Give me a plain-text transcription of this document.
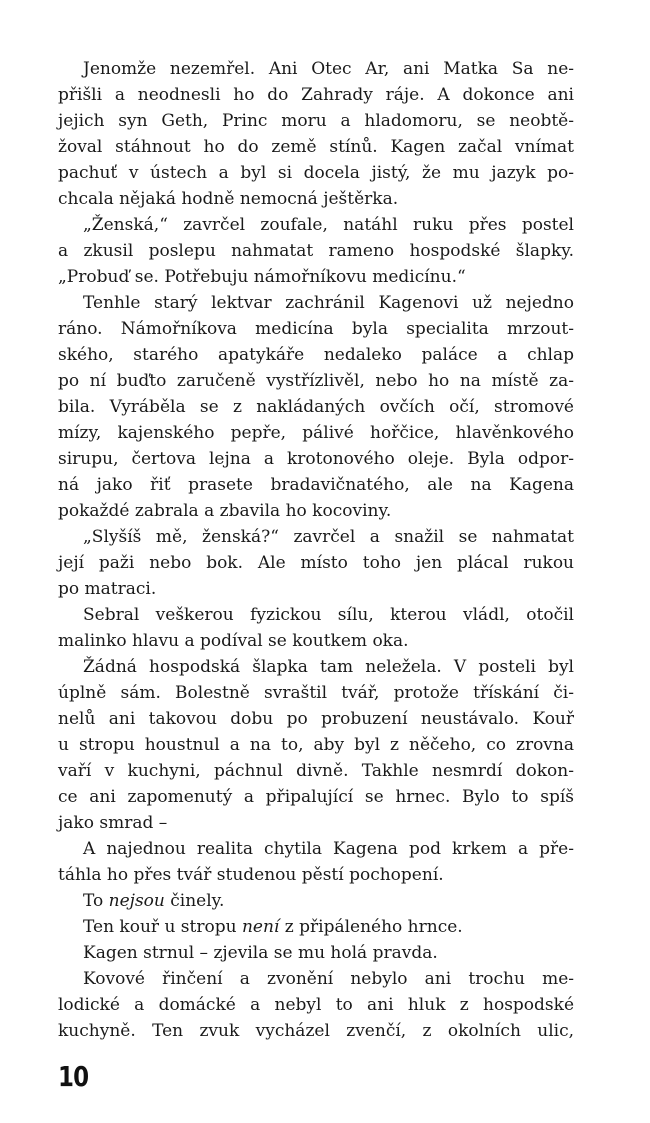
Jenomže nezemřel. Ani Otec Ar, ani Matka Sa ne-
přišli a neodnesli ho do Zahrady ráje. A dokonce ani
jejich syn Geth, Princ moru a hladomoru, se neobtě-
žoval stáhnout ho do země stínů. Kagen začal vnímat
pachuť v ústech a byl si docela jistý, že mu jazyk po-
chcala nějaká hodně nemocná ještěrka.
„Ženská,“ zavrčel zoufale, natáhl ruku přes postel
a zkusil poslepu nahmatat rameno hospodské šlapky.
„Probuď se. Potřebuju námořníkovu medicínu.“
Tenhle starý lektvar zachránil Kagenovi už nejedno
ráno. Námořníkova medicína byla specialita mrzout-
ského, starého apatykáře nedaleko paláce a chlap
po ní buďto zaručeně vystřízlivěl, nebo ho na místě za-
bila. Vyráběla se z nakládaných ovčích očí, stromové
mízy, kajenského pepře, pálivé hořčice, hlavěnkového
sirupu, čertova lejna a krotonového oleje. Byla odpor-
ná jako řiť prasete bradavičnatého, ale na Kagena
pokaždé zabrala a zbavila ho kocoviny.
„Slyšíš mě, ženská?“ zavrčel a snažil se nahmatat
její paži nebo bok. Ale místo toho jen plácal rukou
po matraci.
Sebral veškerou fyzickou sílu, kterou vládl, otočil
malinko hlavu a podíval se koutkem oka.
Žádná hospodská šlapka tam neležela. V posteli byl
úplně sám. Bolestně svraštil tvář, protože třískání či-
nelů ani takovou dobu po probuzení neustávalo. Kouř
u stropu houstnul a na to, aby byl z něčeho, co zrovna
vaří v kuchyni, páchnul divně. Takhle nesmrdí dokon-
ce ani zapomenutý a připalující se hrnec. Bylo to spíš
jako smrad –
A najednou realita chytila Kagena pod krkem a pře-
táhla ho přes tvář studenou pěstí pochopení.
To nejsou činely.
Ten kouř u stropu není z připáleného hrnce.
Kagen strnul – zjevila se mu holá pravda.
Kovové řinčení a zvonění nebylo ani trochu me-
lodické a domácké a nebyl to ani hluk z hospodské
kuchyně. Ten zvuk vycházel zvenčí, z okolních ulic,
10
